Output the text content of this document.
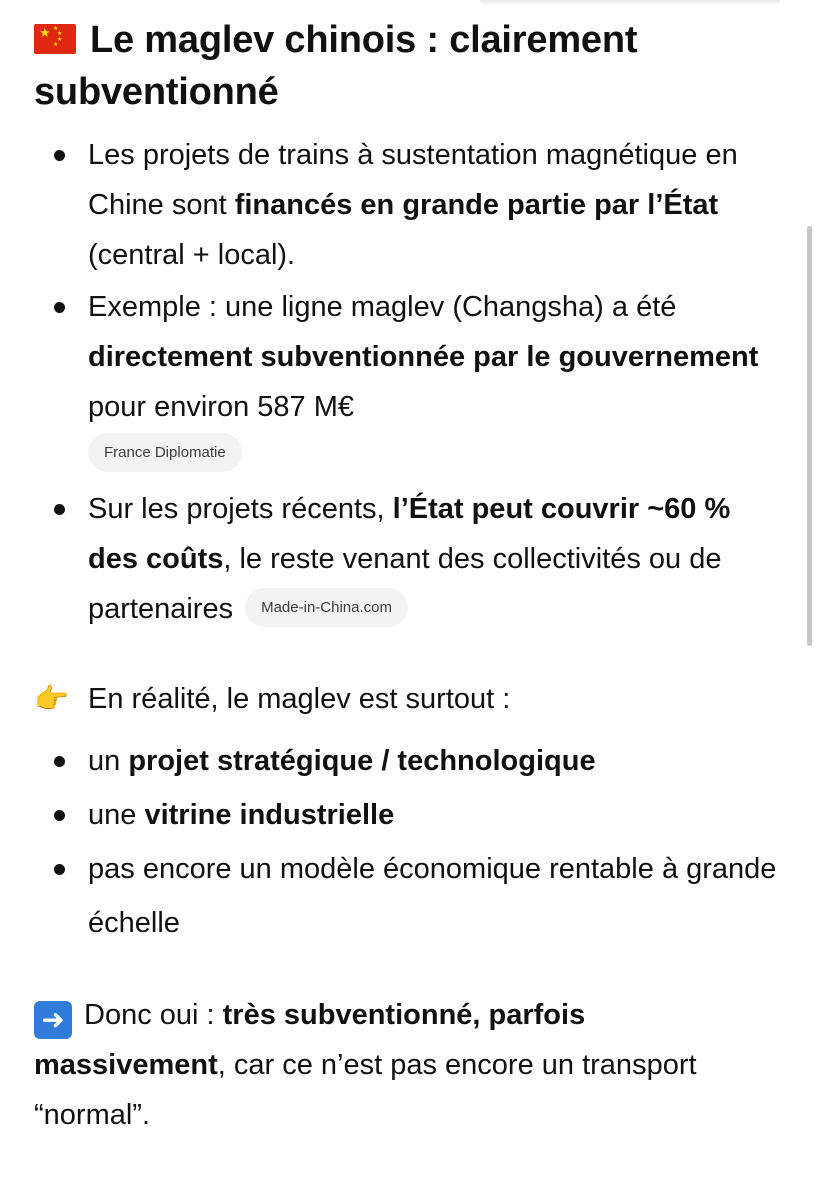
★ ★
★
★
★ Le maglev chinois : clairement subventionné
Les projets de trains à sustentation magnétique en Chine sont financés en grande partie par l’État (central + local).
Exemple : une ligne maglev (Changsha) a été directement subventionnée par le gouvernement pour environ 587 M€
France Diplomatie
Sur les projets récents, l’État peut couvrir ~60 % des coûts, le reste venant des collectivités ou de partenaires Made-in-China.com

👉 En réalité, le maglev est surtout :

un projet stratégique / technologique
une vitrine industrielle
pas encore un modèle économique rentable à grande échelle

➜ Donc oui : très subventionné, parfois massivement, car ce n’est pas encore un transport “normal”.
